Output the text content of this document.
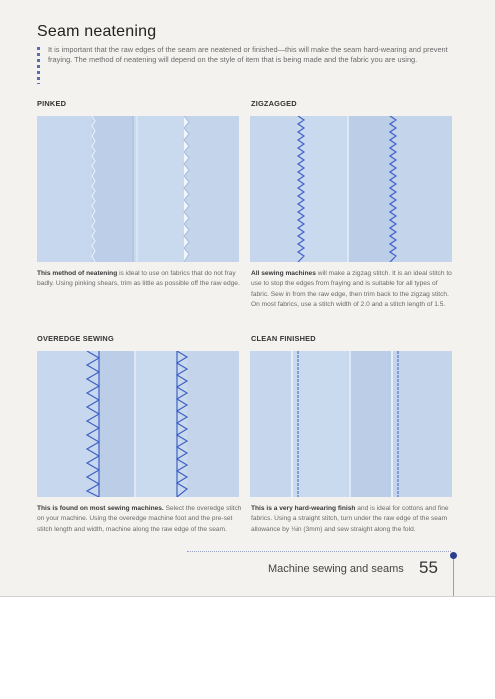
Seam neatening
It is important that the raw edges of the seam are neatened or finished—this will make the seam hard-wearing and prevent fraying. The method of neatening will depend on the style of item that is being made and the fabric you are using.
PINKED
This method of neatening is ideal to use on fabrics that do not fray badly. Using pinking shears, trim as little as possible off the raw edge.
ZIGZAGGED
All sewing machines will make a zigzag stitch. It is an ideal stitch to use to stop the edges from fraying and is suitable for all types of fabric. Sew in from the raw edge, then trim back to the zigzag stitch. On most fabrics, use a stitch width of 2.0 and a stitch length of 1.5.
OVEREDGE SEWING
This is found on most sewing machines. Select the overedge stitch on your machine. Using the overedge machine foot and the pre-set stitch length and width, machine along the raw edge of the seam.
CLEAN FINISHED
This is a very hard-wearing finish and is ideal for cottons and fine fabrics. Using a straight stitch, turn under the raw edge of the seam allowance by ⅛in (3mm) and sew straight along the fold.
Machine sewing and seams 55
